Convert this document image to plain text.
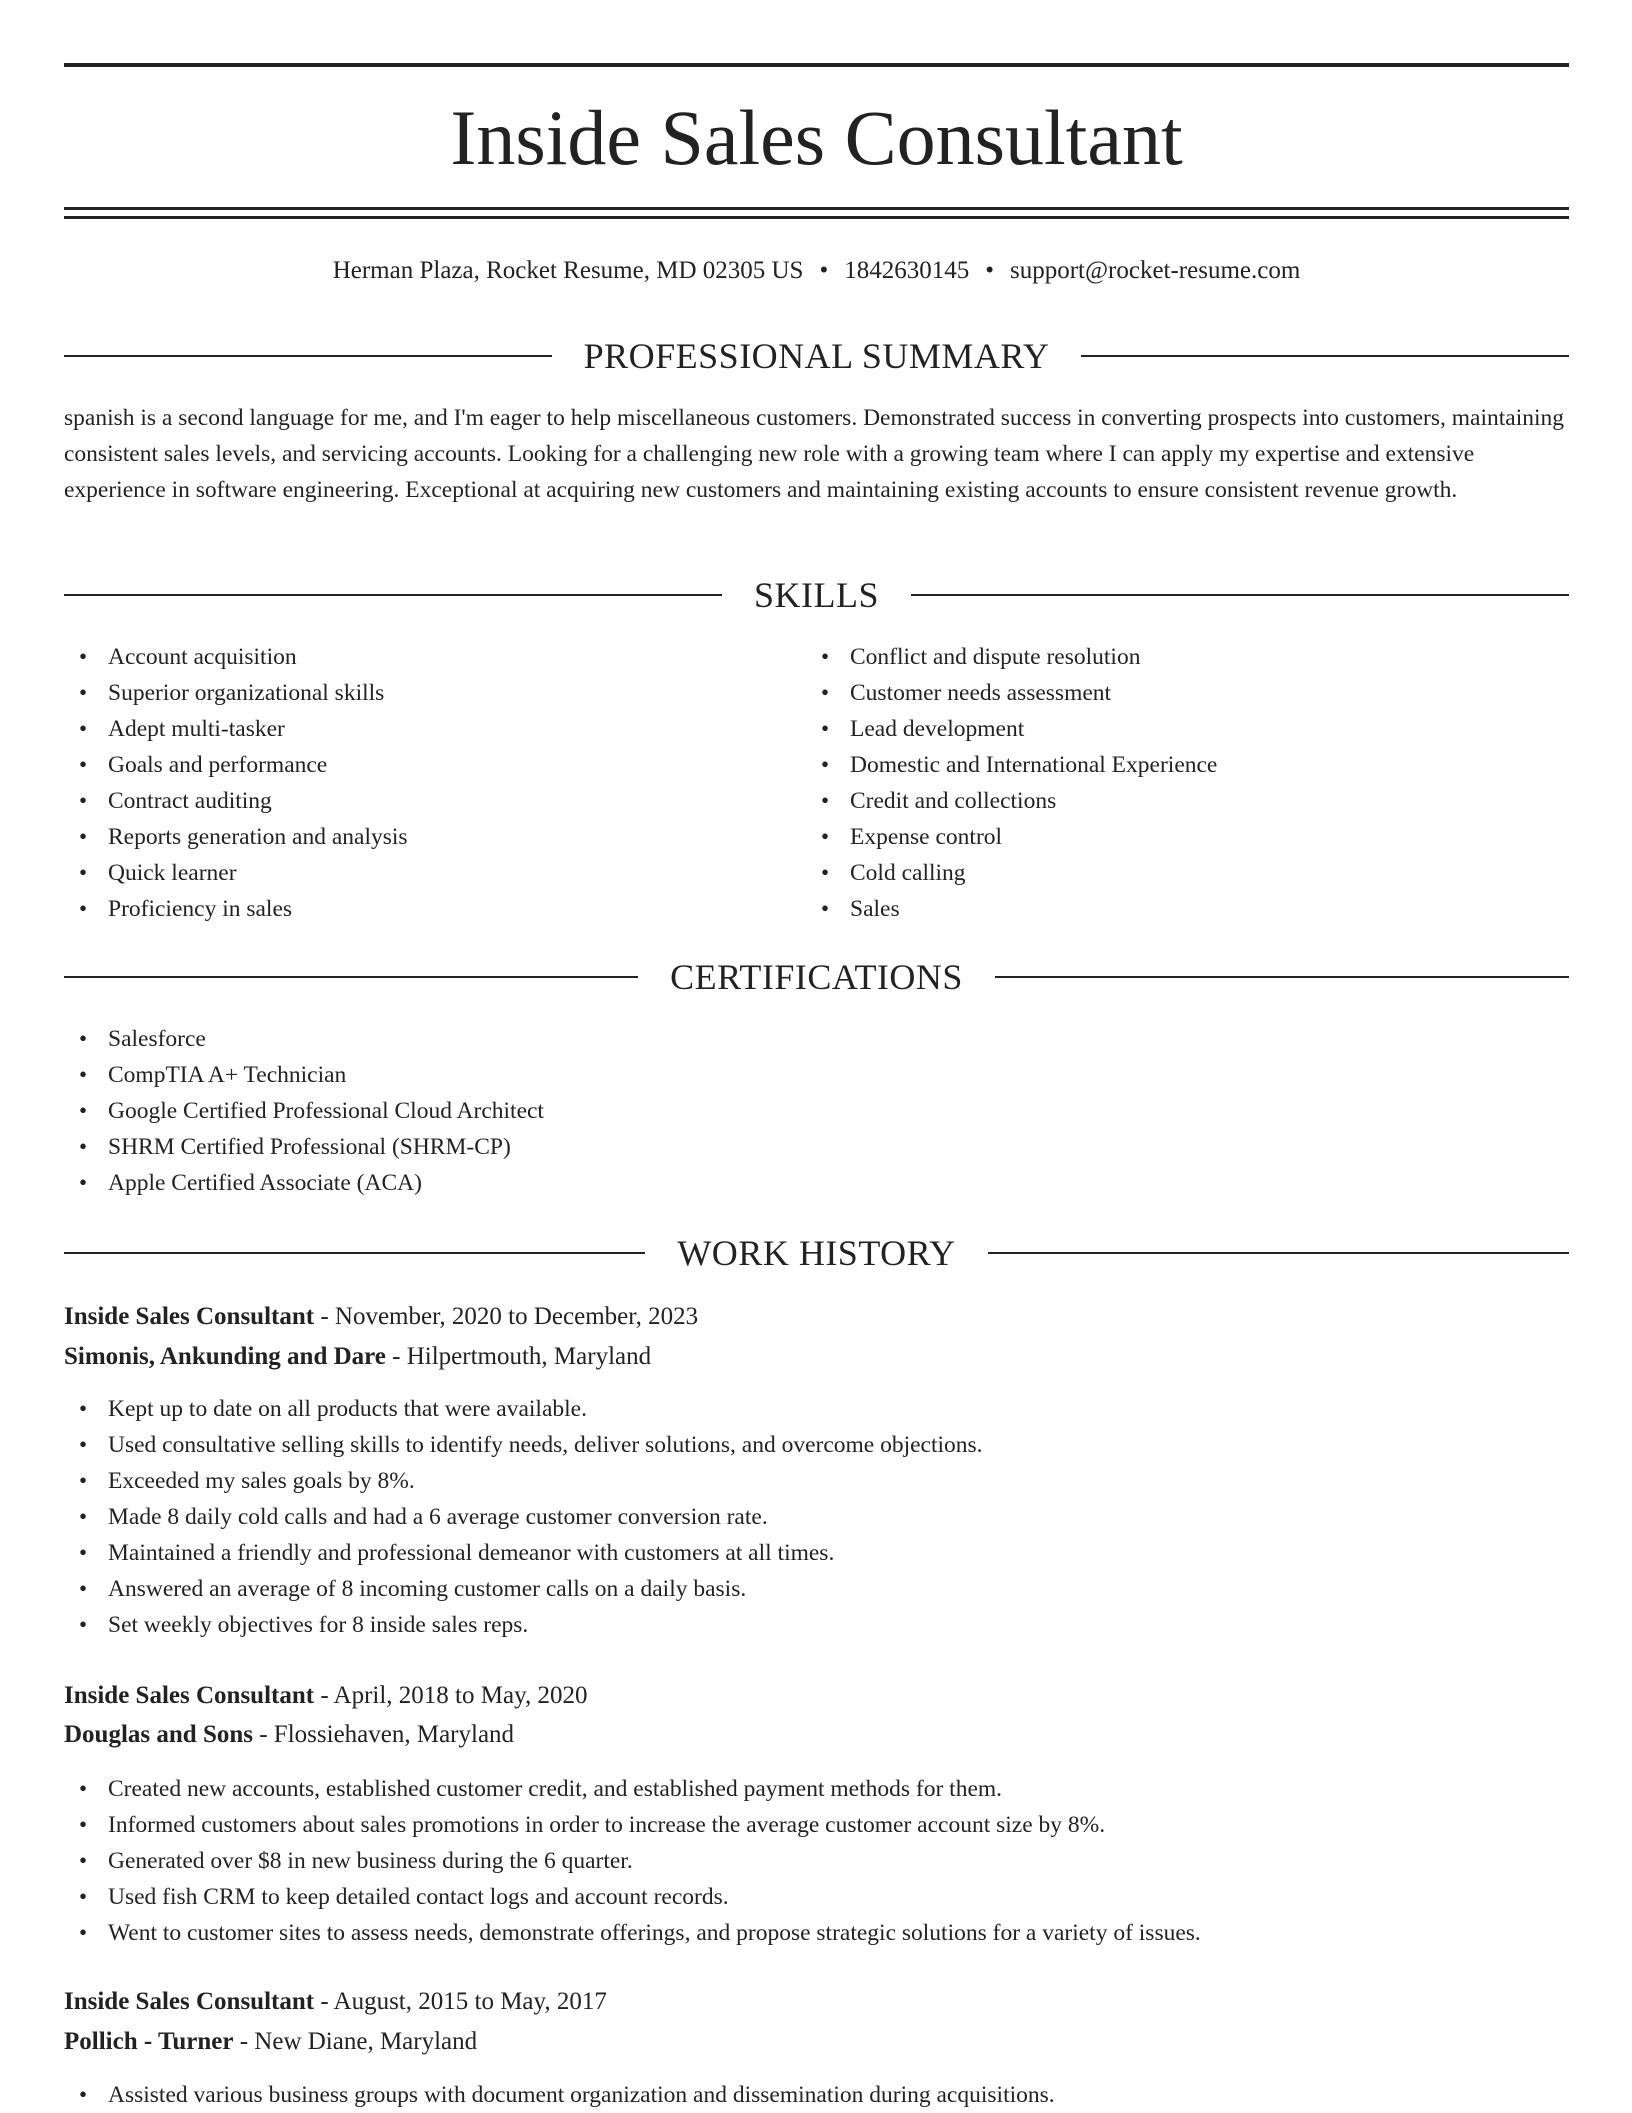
Inside Sales Consultant
Herman Plaza, Rocket Resume, MD 02305 US • 1842630145 • support@rocket-resume.com
PROFESSIONAL SUMMARY

spanish is a second language for me, and I'm eager to help miscellaneous customers. Demonstrated success in converting prospects into customers, maintaining consistent sales levels, and servicing accounts. Looking for a challenging new role with a growing team where I can apply my expertise and extensive experience in software engineering. Exceptional at acquiring new customers and maintaining existing accounts to ensure consistent revenue growth.

SKILLS
• Account acquisition
• Superior organizational skills
• Adept multi-tasker
• Goals and performance
• Contract auditing
• Reports generation and analysis
• Quick learner
• Proficiency in sales
• Conflict and dispute resolution
• Customer needs assessment
• Lead development
• Domestic and International Experience
• Credit and collections
• Expense control
• Cold calling
• Sales
CERTIFICATIONS
• Salesforce
• CompTIA A+ Technician
• Google Certified Professional Cloud Architect
• SHRM Certified Professional (SHRM-CP)
• Apple Certified Associate (ACA)
WORK HISTORY
Inside Sales Consultant - November, 2020 to December, 2023
Simonis, Ankunding and Dare - Hilpertmouth, Maryland
• Kept up to date on all products that were available.
• Used consultative selling skills to identify needs, deliver solutions, and overcome objections.
• Exceeded my sales goals by 8%.
• Made 8 daily cold calls and had a 6 average customer conversion rate.
• Maintained a friendly and professional demeanor with customers at all times.
• Answered an average of 8 incoming customer calls on a daily basis.
• Set weekly objectives for 8 inside sales reps.
Inside Sales Consultant - April, 2018 to May, 2020
Douglas and Sons - Flossiehaven, Maryland
• Created new accounts, established customer credit, and established payment methods for them.
• Informed customers about sales promotions in order to increase the average customer account size by 8%.
• Generated over $8 in new business during the 6 quarter.
• Used fish CRM to keep detailed contact logs and account records.
• Went to customer sites to assess needs, demonstrate offerings, and propose strategic solutions for a variety of issues.
Inside Sales Consultant - August, 2015 to May, 2017
Pollich - Turner - New Diane, Maryland
• Assisted various business groups with document organization and dissemination during acquisitions.
